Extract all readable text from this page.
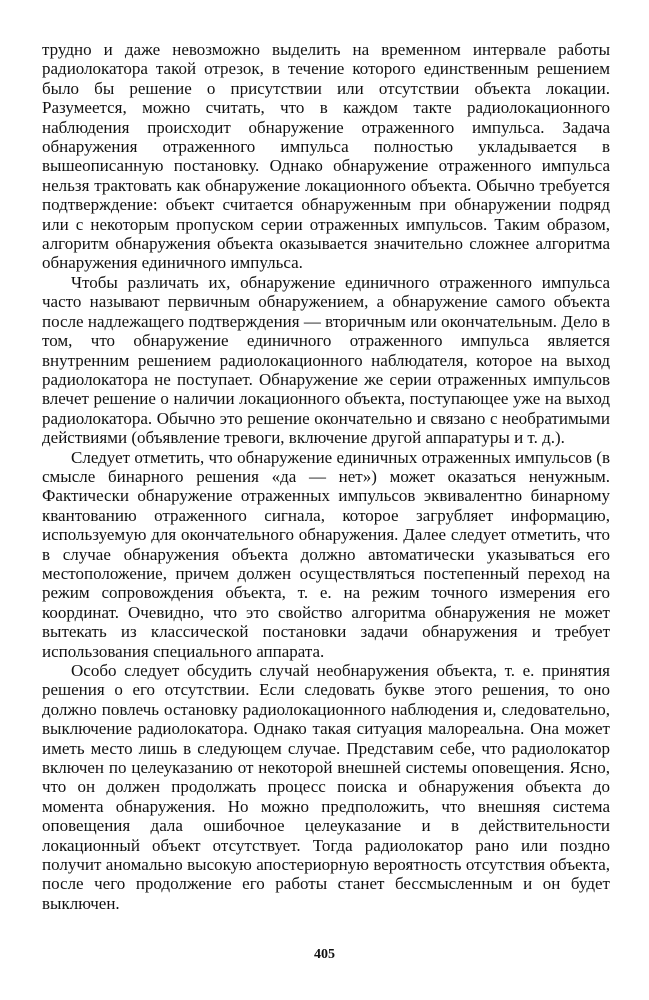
трудно и даже невозможно выделить на временном интервале работы радиолокатора такой отрезок, в течение которого единственным решением было бы решение о присутствии или отсутствии объекта локации. Разумеется, можно считать, что в каждом такте радиолокационного наблюдения происходит обнаружение отраженного импульса. Задача обнаружения отраженного импульса полностью укладывается в вышеописанную постановку. Однако обнаружение отраженного импульса нельзя трактовать как обнаружение локационного объекта. Обычно требуется подтверждение: объект считается обнаруженным при обнаружении подряд или с некоторым пропуском серии отраженных импульсов. Таким образом, алгоритм обнаружения объекта оказывается значительно сложнее алгоритма обнаружения единичного импульса.

Чтобы различать их, обнаружение единичного отраженного импульса часто называют первичным обнаружением, а обнаружение самого объекта после надлежащего подтверждения — вторичным или окончательным. Дело в том, что обнаружение единичного отраженного импульса является внутренним решением радиолокационного наблюдателя, которое на выход радиолокатора не поступает. Обнаружение же серии отраженных импульсов влечет решение о наличии локационного объекта, поступающее уже на выход радиолокатора. Обычно это решение окончательно и связано с необратимыми действиями (объявление тревоги, включение другой аппаратуры и т. д.).

Следует отметить, что обнаружение единичных отраженных импульсов (в смысле бинарного решения «да — нет») может оказаться ненужным. Фактически обнаружение отраженных импульсов эквивалентно бинарному квантованию отраженного сигнала, которое загрубляет информацию, используемую для окончательного обнаружения. Далее следует отметить, что в случае обнаружения объекта должно автоматически указываться его местоположение, причем должен осуществляться постепенный переход на режим сопровождения объекта, т. е. на режим точного измерения его координат. Очевидно, что это свойство алгоритма обнаружения не может вытекать из классической постановки задачи обнаружения и требует использования специального аппарата.

Особо следует обсудить случай необнаружения объекта, т. е. принятия решения о его отсутствии. Если следовать букве этого решения, то оно должно повлечь остановку радиолокационного наблюдения и, следовательно, выключение радиолокатора. Однако такая ситуация малореальна. Она может иметь место лишь в следующем случае. Представим себе, что радиолокатор включен по целеуказанию от некоторой внешней системы оповещения. Ясно, что он должен продолжать процесс поиска и обнаружения объекта до момента обнаружения. Но можно предположить, что внешняя система оповещения дала ошибочное целеуказание и в действительности локационный объект отсутствует. Тогда радиолокатор рано или поздно получит аномально высокую апостериорную вероятность отсутствия объекта, после чего продолжение его работы станет бессмысленным и он будет выключен.

405
